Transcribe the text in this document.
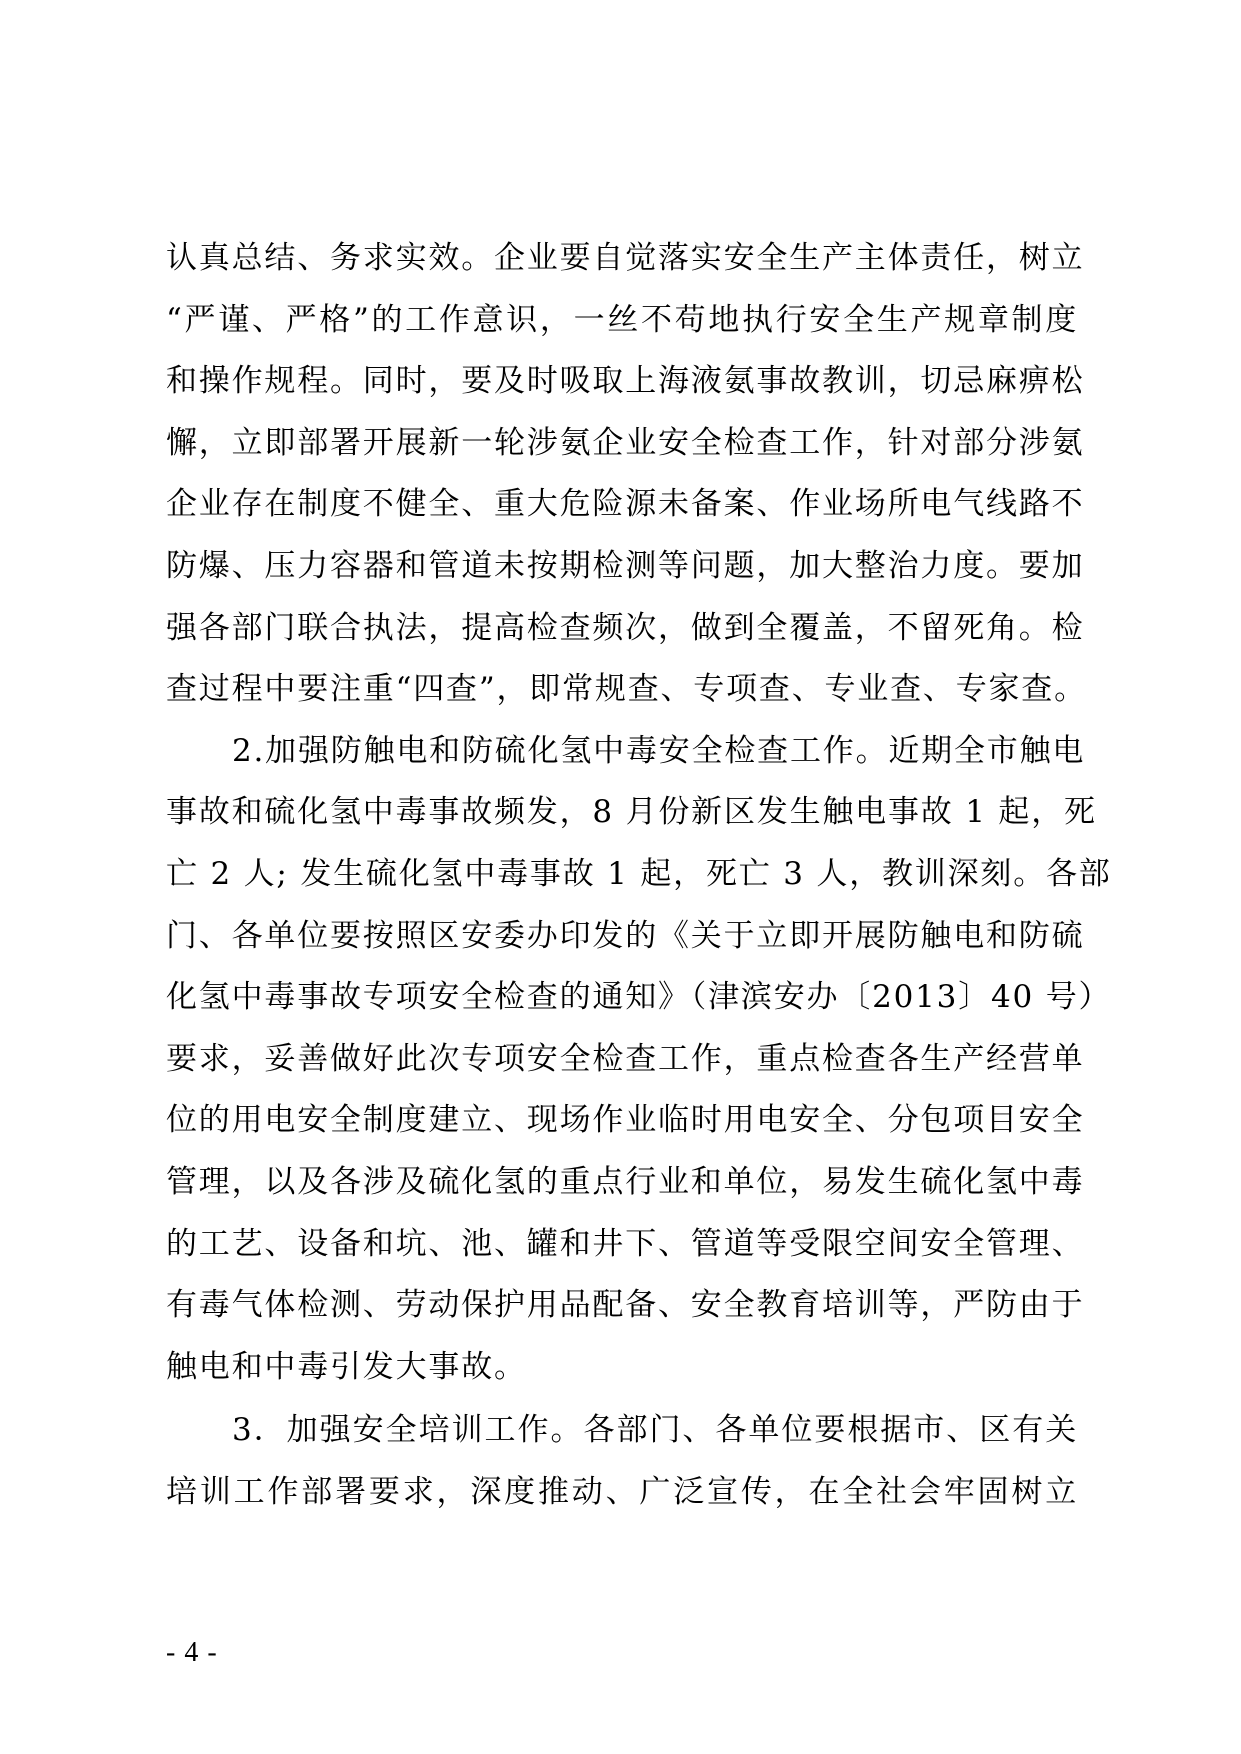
认真总结、务求实效。企业要自觉落实安全生产主体责任，树立
“严谨、严格”的工作意识，一丝不苟地执行安全生产规章制度
和操作规程。同时，要及时吸取上海液氨事故教训，切忌麻痹松
懈，立即部署开展新一轮涉氨企业安全检查工作，针对部分涉氨
企业存在制度不健全、重大危险源未备案、作业场所电气线路不
防爆、压力容器和管道未按期检测等问题，加大整治力度。要加
强各部门联合执法，提高检查频次，做到全覆盖，不留死角。检
查过程中要注重“四查”，即常规查、专项查、专业查、专家查。
2.加强防触电和防硫化氢中毒安全检查工作。近期全市触电
事故和硫化氢中毒事故频发，8 月份新区发生触电事故 1 起，死
亡 2 人; 发生硫化氢中毒事故 1 起，死亡 3 人，教训深刻。各部
门、各单位要按照区安委办印发的《关于立即开展防触电和防硫
化氢中毒事故专项安全检查的通知》（津滨安办〔2013〕40 号）
要求，妥善做好此次专项安全检查工作，重点检查各生产经营单
位的用电安全制度建立、现场作业临时用电安全、分包项目安全
管理，以及各涉及硫化氢的重点行业和单位，易发生硫化氢中毒
的工艺、设备和坑、池、罐和井下、管道等受限空间安全管理、
有毒气体检测、劳动保护用品配备、安全教育培训等，严防由于
触电和中毒引发大事故。
3．加强安全培训工作。各部门、各单位要根据市、区有关
培训工作部署要求，深度推动、广泛宣传，在全社会牢固树立
- 4 -
